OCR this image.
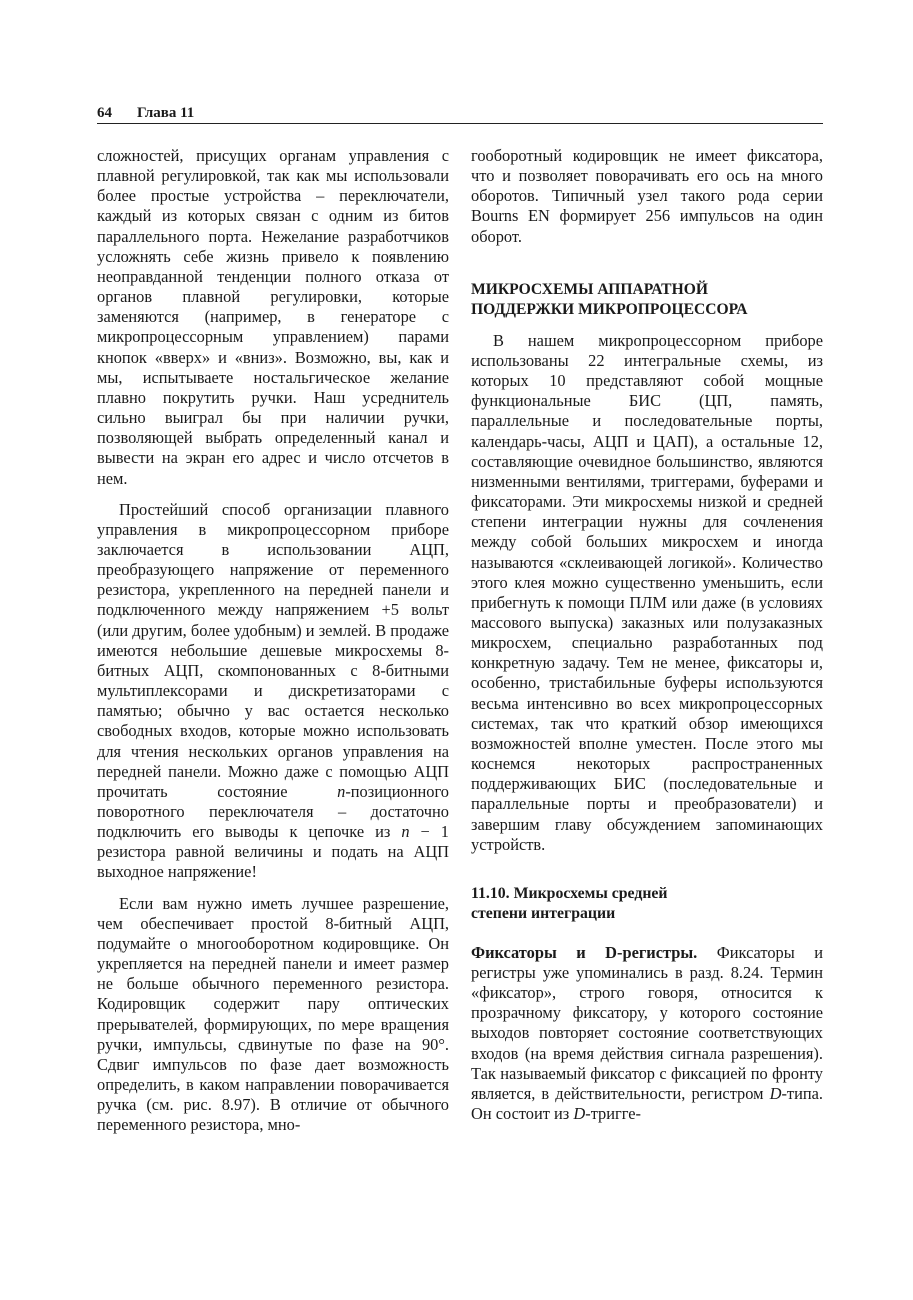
64 Глава 11

сложностей, присущих органам управления с плавной регулировкой, так как мы использовали более простые устройства – переключатели, каждый из которых связан с одним из битов параллельного порта. Нежелание разработчиков усложнять себе жизнь привело к появлению неоправданной тенденции полного отказа от органов плавной регулировки, которые заменяются (например, в генераторе с микропроцессорным управлением) парами кнопок «вверх» и «вниз». Возможно, вы, как и мы, испытываете ностальгическое желание плавно покрутить ручки. Наш усреднитель сильно выиграл бы при наличии ручки, позволяющей выбрать определенный канал и вывести на экран его адрес и число отсчетов в нем.

Простейший способ организации плавного управления в микропроцессорном приборе заключается в использовании АЦП, преобразующего напряжение от переменного резистора, укрепленного на передней панели и подключенного между напряжением +5 вольт (или другим, более удобным) и землей. В продаже имеются небольшие дешевые микросхемы 8-битных АЦП, скомпонованных с 8-битными мультиплексорами и дискретизаторами с памятью; обычно у вас остается несколько свободных входов, которые можно использовать для чтения нескольких органов управления на передней панели. Можно даже с помощью АЦП прочитать состояние n-позиционного поворотного переключателя – достаточно подключить его выводы к цепочке из n − 1 резистора равной величины и подать на АЦП выходное напряжение!

Если вам нужно иметь лучшее разрешение, чем обеспечивает простой 8-битный АЦП, подумайте о многооборотном кодировщике. Он укрепляется на передней панели и имеет размер не больше обычного переменного резистора. Кодировщик содержит пару оптических прерывателей, формирующих, по мере вращения ручки, импульсы, сдвинутые по фазе на 90°. Сдвиг импульсов по фазе дает возможность определить, в каком направлении поворачивается ручка (см. рис. 8.97). В отличие от обычного переменного резистора, мно-

гооборотный кодировщик не имеет фиксатора, что и позволяет поворачивать его ось на много оборотов. Типичный узел такого рода серии Bourns EN формирует 256 импульсов на один оборот.

МИКРОСХЕМЫ АППАРАТНОЙ
ПОДДЕРЖКИ МИКРОПРОЦЕССОРА

В нашем микропроцессорном приборе использованы 22 интегральные схемы, из которых 10 представляют собой мощные функциональные БИС (ЦП, память, параллельные и последовательные порты, календарь-часы, АЦП и ЦАП), а остальные 12, составляющие очевидное большинство, являются низменными вентилями, триггерами, буферами и фиксаторами. Эти микросхемы низкой и средней степени интеграции нужны для сочленения между собой больших микросхем и иногда называются «склеивающей логикой». Количество этого клея можно существенно уменьшить, если прибегнуть к помощи ПЛМ или даже (в условиях массового выпуска) заказных или полузаказных микросхем, специально разработанных под конкретную задачу. Тем не менее, фиксаторы и, особенно, тристабильные буферы используются весьма интенсивно во всех микропроцессорных системах, так что краткий обзор имеющихся возможностей вполне уместен. После этого мы коснемся некоторых распространенных поддерживающих БИС (последовательные и параллельные порты и преобразователи) и завершим главу обсуждением запоминающих устройств.

11.10. Микросхемы средней
степени интеграции

Фиксаторы и D-регистры. Фиксаторы и регистры уже упоминались в разд. 8.24. Термин «фиксатор», строго говоря, относится к прозрачному фиксатору, у которого состояние выходов повторяет состояние соответствующих входов (на время действия сигнала разрешения). Так называемый фиксатор с фиксацией по фронту является, в действительности, регистром D-типа. Он состоит из D-тригге-
